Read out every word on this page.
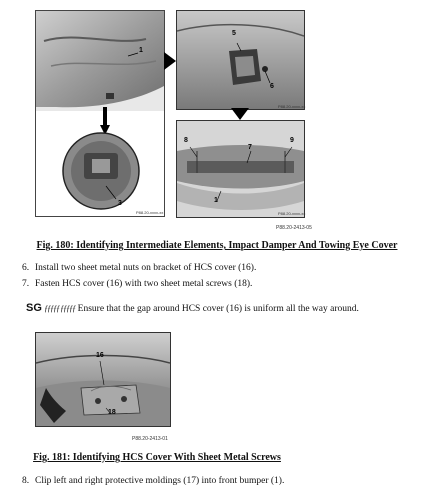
1
3
P88.20-xxxx-xx
5
6
P88.20-xxxx-xx
8
7
9
1
P88.20-xxxx-xx
P88.20-2413-05
Fig. 180: Identifying Intermediate Elements, Impact Damper And Towing Eye Cover
6. Install two sheet metal nuts on bracket of HCS cover (16).
7. Fasten HCS cover (16) with two sheet metal screws (18).
SG ƒƒƒƒƒ ƒƒƒƒƒ Ensure that the gap around HCS cover (16) is uniform all the way around.
16
18
P88.20-2413-01
Fig. 181: Identifying HCS Cover With Sheet Metal Screws
8. Clip left and right protective moldings (17) into front bumper (1).
